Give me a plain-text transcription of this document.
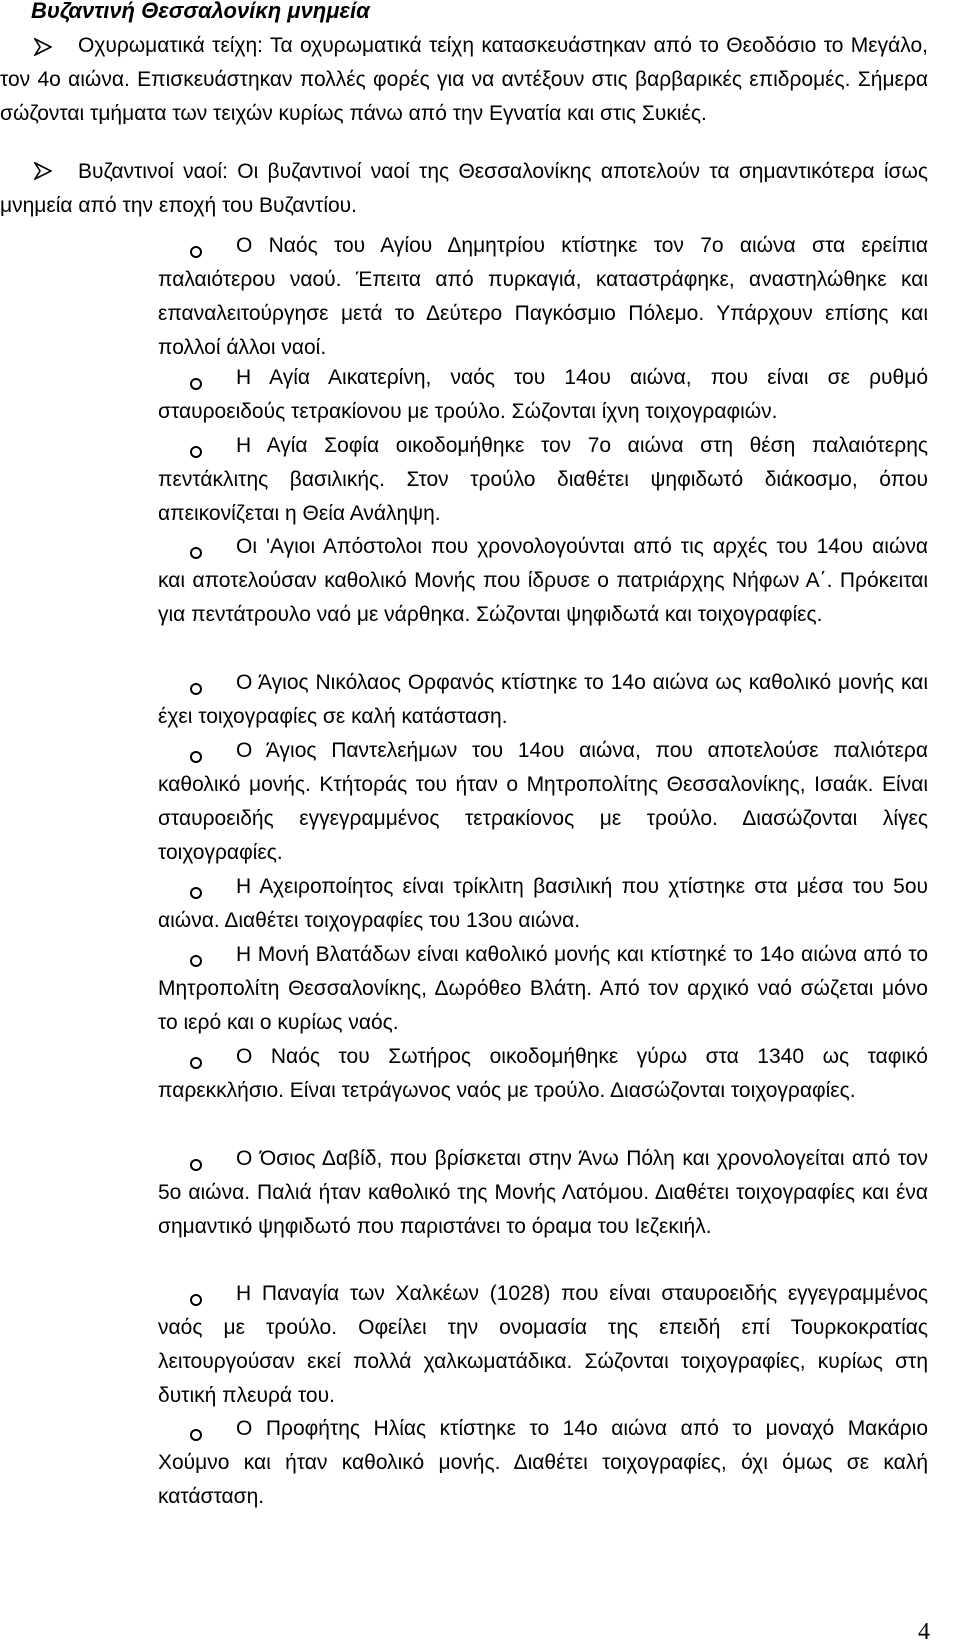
Βυζαντινή Θεσσαλονίκη μνημεία
Οχυρωματικά τείχη: Τα οχυρωματικά τείχη κατασκευάστηκαν από το Θεοδόσιο το Μεγάλο, τον 4ο αιώνα. Επισκευάστηκαν πολλές φορές για να αντέξουν στις βαρβαρικές επιδρομές. Σήμερα σώζονται τμήματα των τειχών κυρίως πάνω από την Εγνατία και στις Συκιές.
Βυζαντινοί ναοί: Οι βυζαντινοί ναοί της Θεσσαλονίκης αποτελούν τα σημαντικότερα ίσως μνημεία από την εποχή του Βυζαντίου.
Ο Ναός του Αγίου Δημητρίου κτίστηκε τον 7ο αιώνα στα ερείπια παλαιότερου ναού. Έπειτα από πυρκαγιά, καταστράφηκε, αναστηλώθηκε και επαναλειτούργησε μετά το Δεύτερο Παγκόσμιο Πόλεμο. Υπάρχουν επίσης και πολλοί άλλοι ναοί.
Η Αγία Αικατερίνη, ναός του 14ου αιώνα, που είναι σε ρυθμό σταυροειδούς τετρακίονου με τρούλο. Σώζονται ίχνη τοιχογραφιών.
Η Αγία Σοφία οικοδομήθηκε τον 7ο αιώνα στη θέση παλαιότερης πεντάκλιτης βασιλικής. Στον τρούλο διαθέτει ψηφιδωτό διάκοσμο, όπου απεικονίζεται η Θεία Ανάληψη.
Οι 'Αγιοι Απόστολοι που χρονολογούνται από τις αρχές του 14ου αιώνα και αποτελούσαν καθολικό Μονής που ίδρυσε ο πατριάρχης Νήφων Α΄. Πρόκειται για πεντάτρουλο ναό με νάρθηκα. Σώζονται ψηφιδωτά και τοιχογραφίες.
Ο Άγιος Νικόλαος Ορφανός κτίστηκε το 14ο αιώνα ως καθολικό μονής και έχει τοιχογραφίες σε καλή κατάσταση.
Ο Άγιος Παντελεήμων του 14ου αιώνα, που αποτελούσε παλιότερα καθολικό μονής. Κτήτοράς του ήταν ο Μητροπολίτης Θεσσαλονίκης, Ισαάκ. Είναι σταυροειδής εγγεγραμμένος τετρακίονος με τρούλο. Διασώζονται λίγες τοιχογραφίες.
Η Αχειροποίητος είναι τρίκλιτη βασιλική που χτίστηκε στα μέσα του 5ου αιώνα. Διαθέτει τοιχογραφίες του 13ου αιώνα.
Η Μονή Βλατάδων είναι καθολικό μονής και κτίστηκέ το 14ο αιώνα από το Μητροπολίτη Θεσσαλονίκης, Δωρόθεο Βλάτη. Από τον αρχικό ναό σώζεται μόνο το ιερό και ο κυρίως ναός.
Ο Ναός του Σωτήρος οικοδομήθηκε γύρω στα 1340 ως ταφικό παρεκκλήσιο. Είναι τετράγωνος ναός με τρούλο. Διασώζονται τοιχογραφίες.
Ο Όσιος Δαβίδ, που βρίσκεται στην Άνω Πόλη και χρονολογείται από τον 5ο αιώνα. Παλιά ήταν καθολικό της Μονής Λατόμου. Διαθέτει τοιχογραφίες και ένα σημαντικό ψηφιδωτό που παριστάνει το όραμα του Ιεζεκιήλ.
Η Παναγία των Χαλκέων (1028) που είναι σταυροειδής εγγεγραμμένος ναός με τρούλο. Οφείλει την ονομασία της επειδή επί Τουρκοκρατίας λειτουργούσαν εκεί πολλά χαλκωματάδικα. Σώζονται τοιχογραφίες, κυρίως στη δυτική πλευρά του.
Ο Προφήτης Ηλίας κτίστηκε το 14ο αιώνα από το μοναχό Μακάριο Χούμνο και ήταν καθολικό μονής. Διαθέτει τοιχογραφίες, όχι όμως σε καλή κατάσταση.
4
